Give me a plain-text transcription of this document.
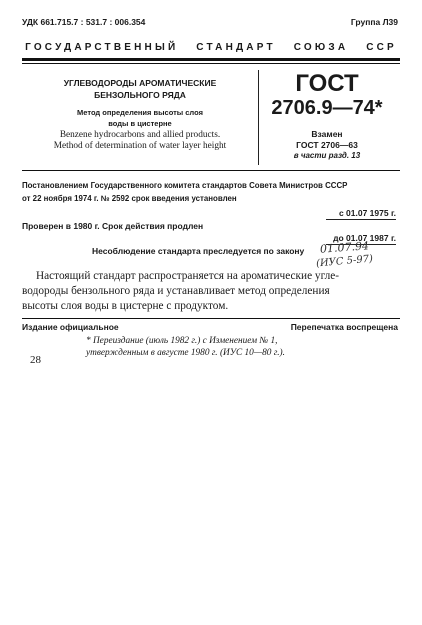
УДК 661.715.7 : 531.7 : 006.354	Группа Л39
ГОСУДАРСТВЕННЫЙ   СТАНДАРТ   СОЮЗА   ССР
УГЛЕВОДОРОДЫ АРОМАТИЧЕСКИЕ
БЕНЗОЛЬНОГО РЯДА
Метод определения высоты слоя
воды в цистерне
Benzene hydrocarbons and allied products.
Method of determination of water layer height
ГОСТ
2706.9—74*
Взамен
ГОСТ 2706—63
в части разд. 13
Постановлением Государственного комитета стандартов Совета Министров СССР
от 22 ноября 1974 г. № 2592 срок введения установлен
с 01.07 1975 г.
Проверен в 1980 г. Срок действия продлен
до 01.07 1987 г.
Несоблюдение стандарта преследуется по закону 01.07.94
(ИУС 5-97)
Настоящий стандарт распространяется на ароматические угле-
водороды бензольного ряда и устанавливает метод определения
высоты слоя воды в цистерне с продуктом.
Издание официальное	Перепечатка воспрещена
* Переиздание (июль 1982 г.) с Изменением № 1,
утвержденным в августе 1980 г. (ИУС 10—80 г.).
28
